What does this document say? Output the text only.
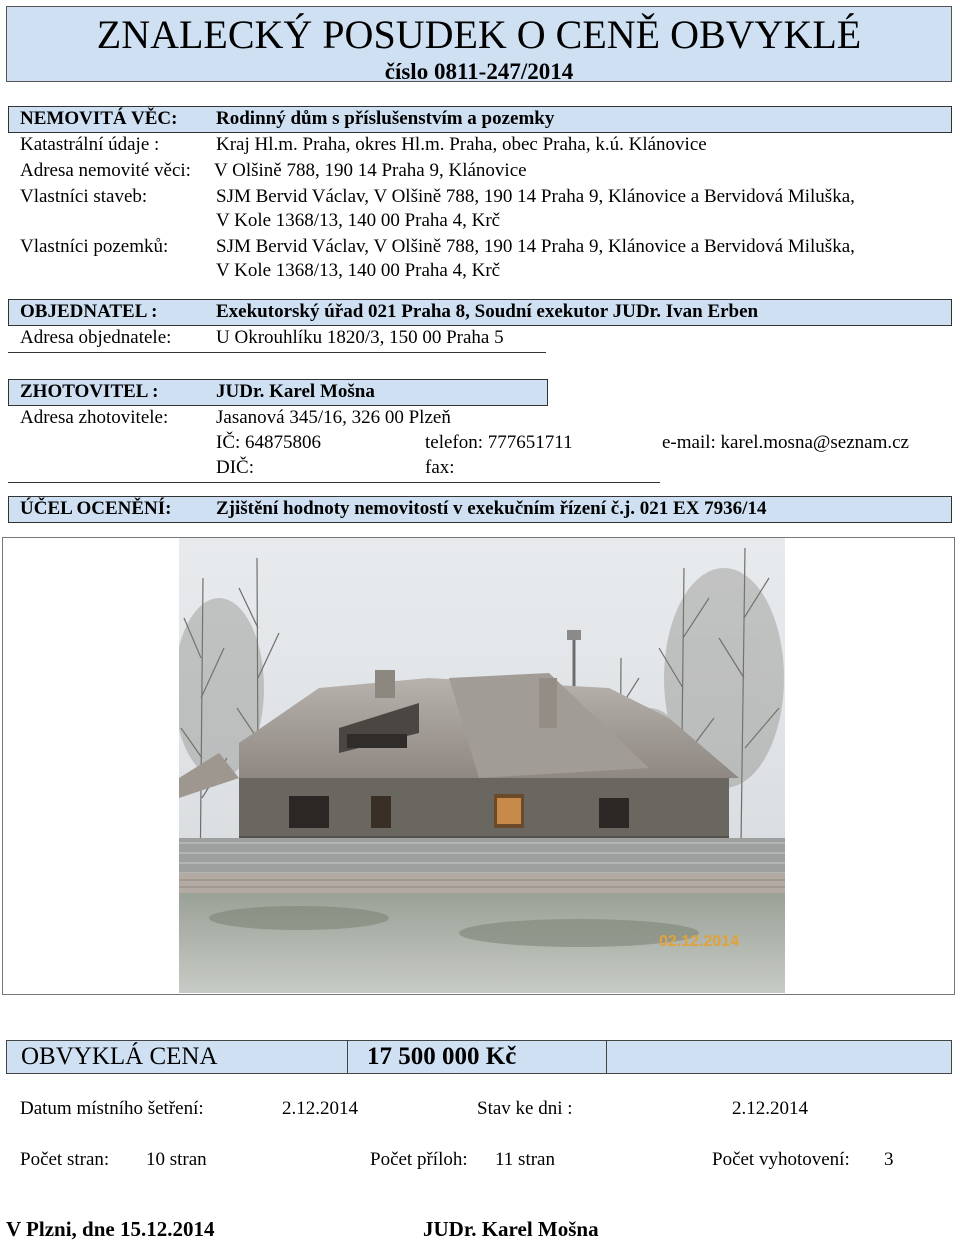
ZNALECKÝ POSUDEK O CENĚ OBVYKLÉ
číslo 0811-247/2014
NEMOVITÁ VĚC: Rodinný dům s příslušenstvím a pozemky
Katastrální údaje :	Kraj Hl.m. Praha, okres Hl.m. Praha, obec Praha, k.ú. Klánovice
Adresa nemovité věci: V Olšině 788, 190 14 Praha 9, Klánovice
Vlastníci staveb:	SJM Bervid Václav, V Olšině 788, 190 14 Praha 9, Klánovice a Bervidová Miluška,
V Kole 1368/13, 140 00 Praha 4, Krč
Vlastníci pozemků:	SJM Bervid Václav, V Olšině 788, 190 14 Praha 9, Klánovice a Bervidová Miluška,
V Kole 1368/13, 140 00 Praha 4, Krč
OBJEDNATEL :	Exekutorský úřad 021 Praha 8, Soudní exekutor JUDr. Ivan Erben
Adresa objednatele: U Okrouhlíku 1820/3, 150 00 Praha 5
ZHOTOVITEL :	JUDr. Karel Mošna
Adresa zhotovitele:	Jasanová 345/16, 326 00 Plzeň
IČ: 64875806	telefon: 777651711	e-mail: karel.mosna@seznam.cz
DIČ:	fax:
ÚČEL OCENĚNÍ: Zjištění hodnoty nemovitostí v exekučním řízení č.j. 021 EX 7936/14
02.12.2014
OBVYKLÁ CENA	17 500 000 Kč
Datum místního šetření:	2.12.2014	Stav ke dni :	2.12.2014
Počet stran: 10 stran	Počet příloh: 11 stran	Počet vyhotovení: 3
V Plzni, dne 15.12.2014	JUDr. Karel Mošna
